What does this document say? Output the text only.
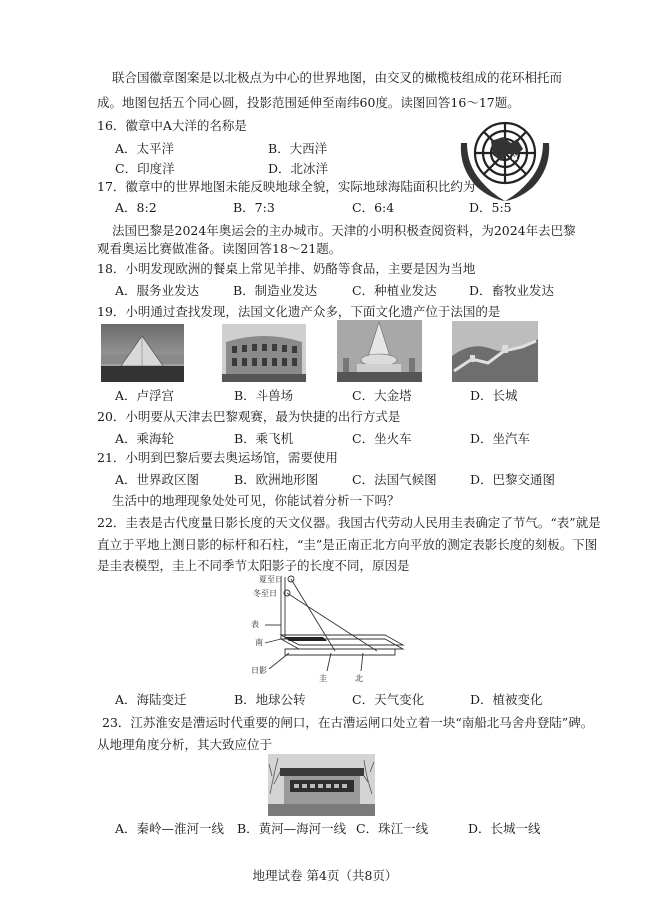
联合国徽章图案是以北极点为中心的世界地图，由交叉的橄榄枝组成的花环相托而
成。地图包括五个同心圆，投影范围延伸至南纬60度。读图回答16～17题。
16．徽章中A大洋的名称是
A．太平洋	B．大西洋
C．印度洋	D．北冰洋
A
17．徽章中的世界地图未能反映地球全貌，实际地球海陆面积比约为
A．8:2	B．7:3	C．6:4	D．5:5
法国巴黎是2024年奥运会的主办城市。天津的小明积极查阅资料，为2024年去巴黎
观看奥运比赛做准备。读图回答18～21题。
18．小明发现欧洲的餐桌上常见羊排、奶酪等食品，主要是因为当地
A．服务业发达	B．制造业发达	C．种植业发达	D．畜牧业发达
19．小明通过查找发现，法国文化遗产众多，下面文化遗产位于法国的是
A．卢浮宫	B．斗兽场	C．大金塔	D．长城
20．小明要从天津去巴黎观赛，最为快捷的出行方式是
A．乘海轮	B．乘飞机	C．坐火车	D．坐汽车
21．小明到巴黎后要去奥运场馆，需要使用
A．世界政区图	B．欧洲地形图	C．法国气候图	D．巴黎交通图
生活中的地理现象处处可见，你能试着分析一下吗？
22．圭表是古代度量日影长度的天文仪器。我国古代劳动人民用圭表确定了节气。“表”就是
直立于平地上测日影的标杆和石柱，“圭”是正南正北方向平放的测定表影长度的刻板。下图
是圭表模型，圭上不同季节太阳影子的长度不同，原因是
夏至日
冬至日
表
南
日影
圭	北
A．海陆变迁	B．地球公转	C．天气变化	D．植被变化
23．江苏淮安是漕运时代重要的闸口，在古漕运闸口处立着一块“南船北马舍舟登陆”碑。
从地理角度分析，其大致应位于
A．秦岭—淮河一线 B．黄河—海河一线 C．珠江一线	D．长城一线
地理试卷 第4页（共8页）
